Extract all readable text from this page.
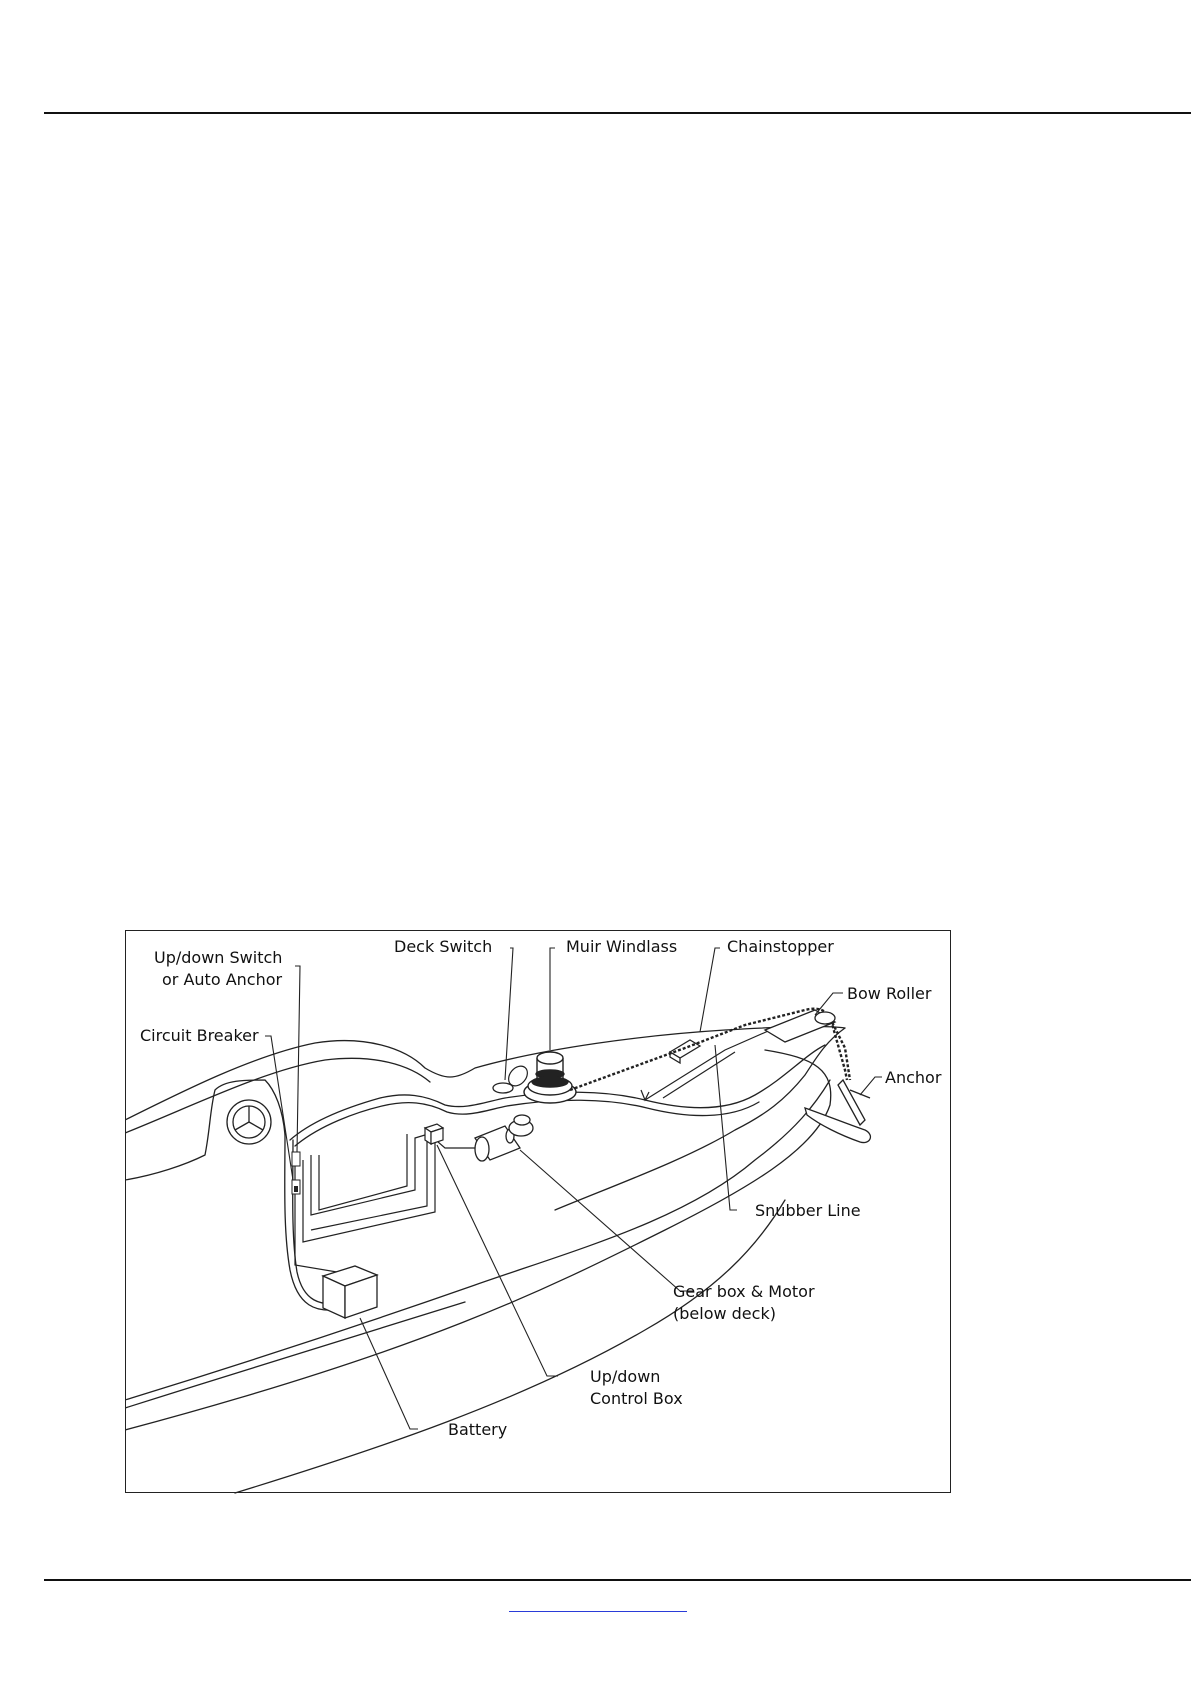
Up/down Switch
or Auto Anchor
Circuit Breaker
Deck Switch	Muir Windlass	Chainstopper
Bow Roller
Anchor
Snubber Line
Gear box & Motor
(below deck)
Up/down
Control Box
Battery
